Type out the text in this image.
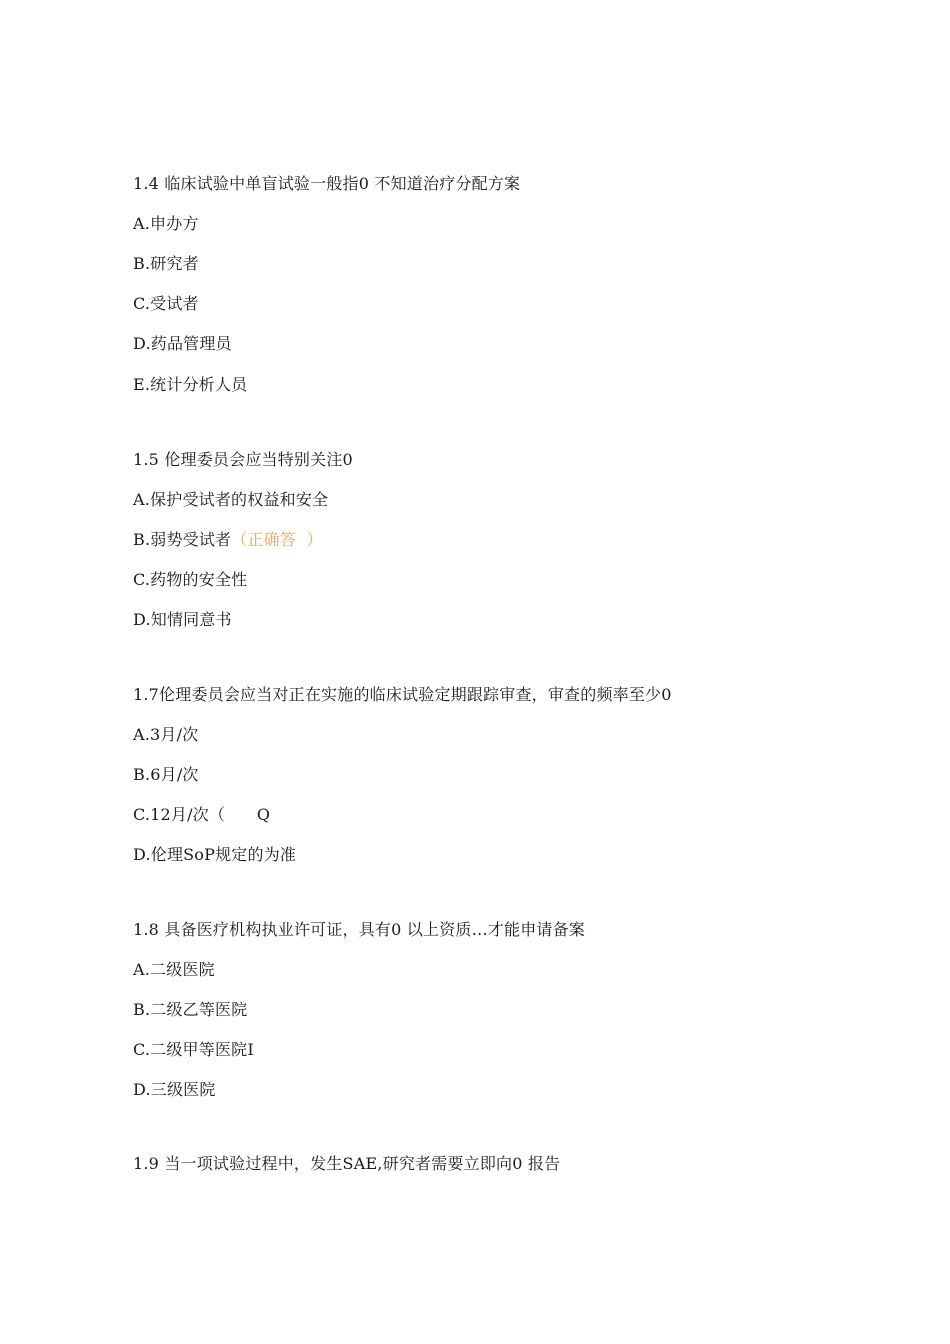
1.4 临床试验中单盲试验一般指0 不知道治疗分配方案
A.申办方
B.研究者
C.受试者
D.药品管理员
E.统计分析人员
1.5 伦理委员会应当特别关注0
A.保护受试者的权益和安全
B.弱势受试者（正确答  ）
C.药物的安全性
D.知情同意书
1.7伦理委员会应当对正在实施的临床试验定期跟踪审查，审查的频率至少0
A.3月/次
B.6月/次
C.12月/次（      Q
D.伦理SoP规定的为准
1.8 具备医疗机构执业许可证，具有0 以上资质…才能申请备案
A.二级医院
B.二级乙等医院
C.二级甲等医院I
D.三级医院
1.9 当一项试验过程中，发生SAE,研究者需要立即向0 报告
